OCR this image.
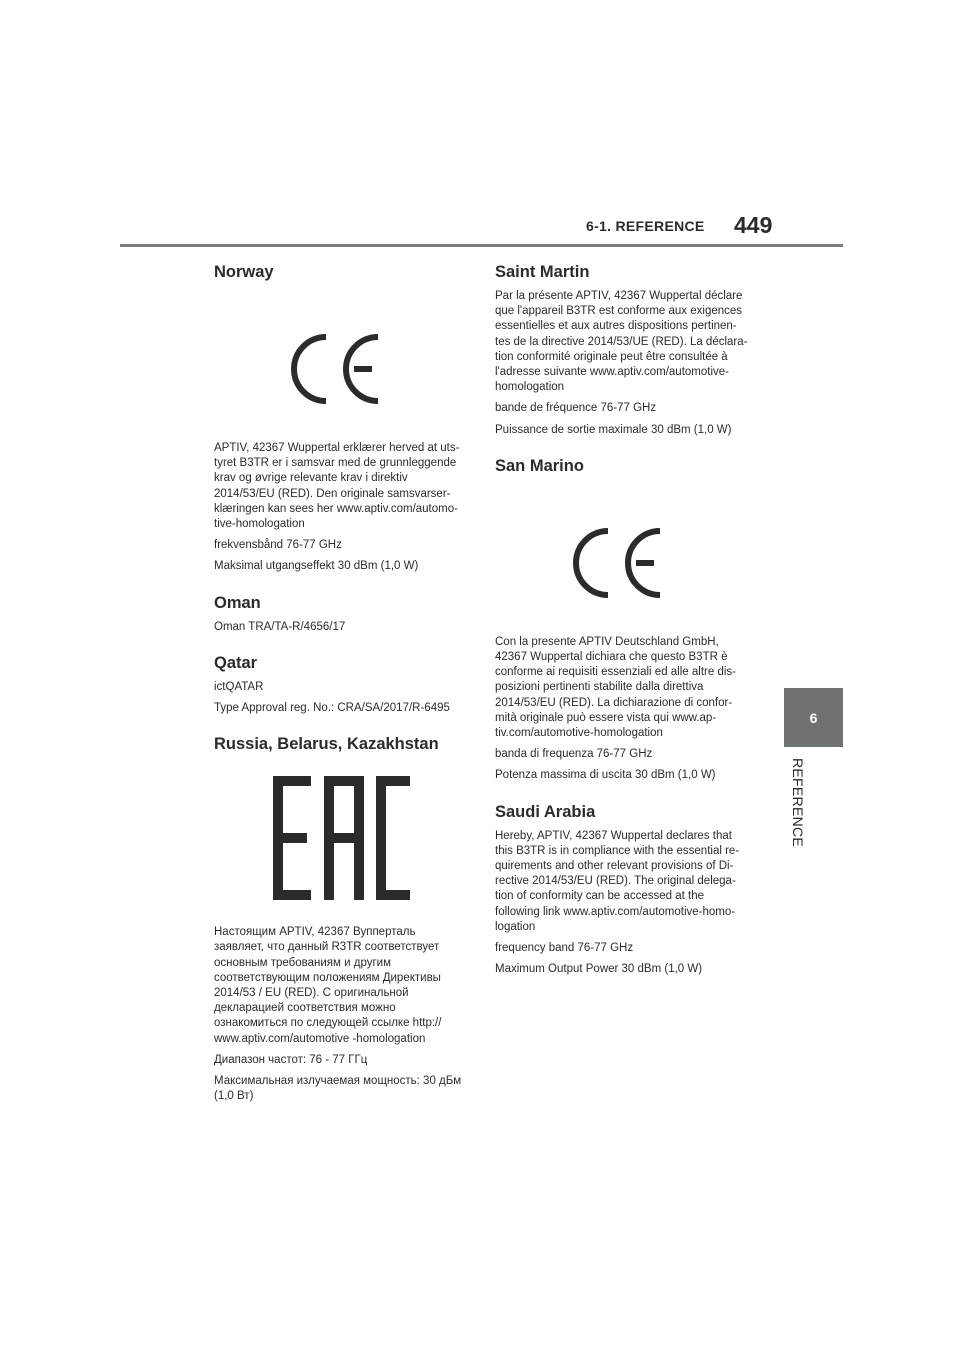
6-1. REFERENCE 449
6
REFERENCE
Norway

APTIV, 42367 Wuppertal erklærer herved at uts-tyret B3TR er i samsvar med de grunnleggende krav og øvrige relevante krav i direktiv 2014/53/EU (RED). Den originale samsvarser-klæringen kan sees her www.aptiv.com/automo-tive-homologation

frekvensbånd 76-77 GHz

Maksimal utgangseffekt 30 dBm (1,0 W)

Oman

Oman TRA/TA-R/4656/17

Qatar

ictQATAR

Type Approval reg. No.: CRA/SA/2017/R-6495

Russia, Belarus, Kazakhstan

Настоящим APTIV, 42367 Вупперталь заявляет, что данный R3TR соответствует основным требованиям и другим соответствующим положениям Директивы 2014/53 / EU (RED). С оригинальной декларацией соответствия можно ознакомиться по следующей ссылке http:// www.aptiv.com/automotive -homologation

Диапазон частот: 76 - 77 ГГц

Максимальная излучаемая мощность: 30 дБм (1,0 Вт)

Saint Martin

Par la présente APTIV, 42367 Wuppertal déclare que l'appareil B3TR est conforme aux exigences essentielles et aux autres dispositions pertinen-tes de la directive 2014/53/UE (RED). La déclara-tion conformité originale peut être consultée à l'adresse suivante www.aptiv.com/automotive-homologation

bande de fréquence 76-77 GHz

Puissance de sortie maximale 30 dBm (1,0 W)

San Marino

Con la presente APTIV Deutschland GmbH, 42367 Wuppertal dichiara che questo B3TR è conforme ai requisiti essenziali ed alle altre dis-posizioni pertinenti stabilite dalla direttiva 2014/53/EU (RED). La dichiarazione di confor-mità originale può essere vista qui www.ap-tiv.com/automotive-homologation

banda di frequenza 76-77 GHz

Potenza massima di uscita 30 dBm (1,0 W)

Saudi Arabia

Hereby, APTIV, 42367 Wuppertal declares that this B3TR is in compliance with the essential re-quirements and other relevant provisions of Di-rective 2014/53/EU (RED). The original delega-tion of conformity can be accessed at the following link www.aptiv.com/automotive-homo-logation

frequency band 76-77 GHz

Maximum Output Power 30 dBm (1,0 W)
